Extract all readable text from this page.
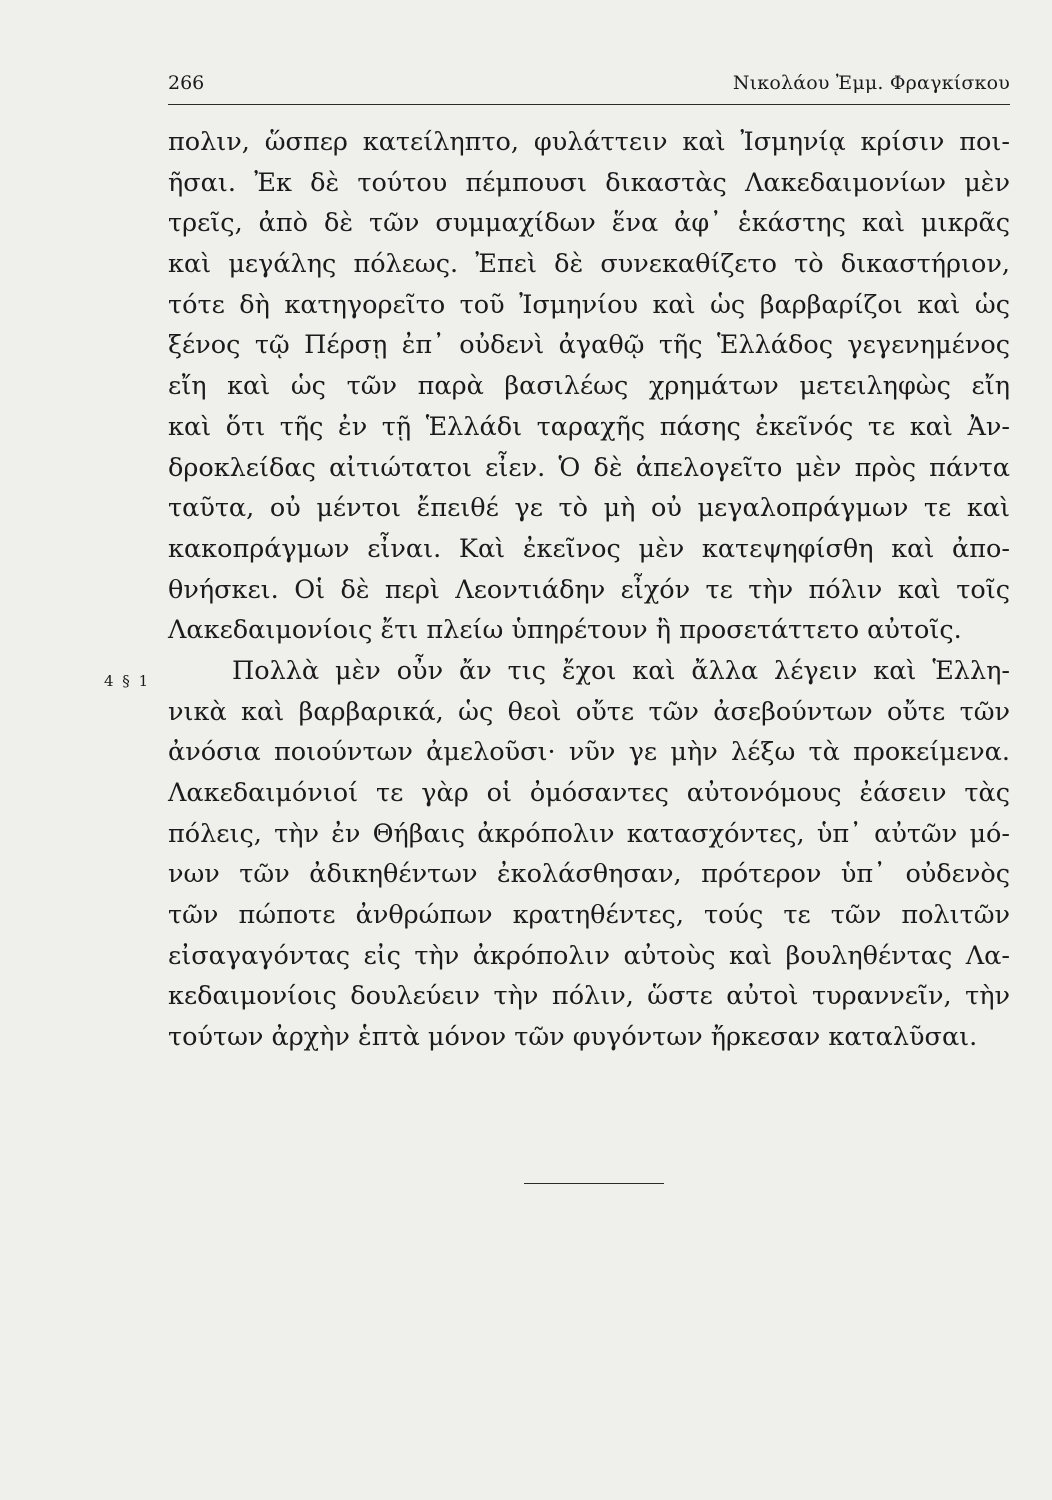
266	Νικολάου Ἐμμ. Φραγκίσκου
4 § 1
πολιν, ὥσπερ κατείληπτο, φυλάττειν καὶ Ἰσμηνίᾳ κρίσιν ποι-
ῆσαι. Ἐκ δὲ τούτου πέμπουσι δικαστὰς Λακεδαιμονίων μὲν
τρεῖς, ἀπὸ δὲ τῶν συμμαχίδων ἕνα ἀφ᾽ ἑκάστης καὶ μικρᾶς
καὶ μεγάλης πόλεως. Ἐπεὶ δὲ συνεκαθίζετο τὸ δικαστήριον,
τότε δὴ κατηγορεῖτο τοῦ Ἰσμηνίου καὶ ὡς βαρβαρίζοι καὶ ὡς
ξένος τῷ Πέρσῃ ἐπ᾽ οὐδενὶ ἀγαθῷ τῆς Ἑλλάδος γεγενημένος
εἴη καὶ ὡς τῶν παρὰ βασιλέως χρημάτων μετειληφὼς εἴη
καὶ ὅτι τῆς ἐν τῇ Ἑλλάδι ταραχῆς πάσης ἐκεῖνός τε καὶ Ἀν-
δροκλείδας αἰτιώτατοι εἶεν. Ὁ δὲ ἀπελογεῖτο μὲν πρὸς πάντα
ταῦτα, οὐ μέντοι ἔπειθέ γε τὸ μὴ οὐ μεγαλοπράγμων τε καὶ
κακοπράγμων εἶναι. Καὶ ἐκεῖνος μὲν κατεψηφίσθη καὶ ἀπο-
θνήσκει. Οἱ δὲ περὶ Λεοντιάδην εἶχόν τε τὴν πόλιν καὶ τοῖς
Λακεδαιμονίοις ἔτι πλείω ὑπηρέτουν ἢ προσετάττετο αὐτοῖς.
Πολλὰ μὲν οὖν ἄν τις ἔχοι καὶ ἄλλα λέγειν καὶ Ἑλλη-
νικὰ καὶ βαρβαρικά, ὡς θεοὶ οὔτε τῶν ἀσεβούντων οὔτε τῶν
ἀνόσια ποιούντων ἀμελοῦσι· νῦν γε μὴν λέξω τὰ προκείμενα.
Λακεδαιμόνιοί τε γὰρ οἱ ὀμόσαντες αὐτονόμους ἐάσειν τὰς
πόλεις, τὴν ἐν Θήβαις ἀκρόπολιν κατασχόντες, ὑπ᾽ αὐτῶν μό-
νων τῶν ἀδικηθέντων ἐκολάσθησαν, πρότερον ὑπ᾽ οὐδενὸς
τῶν πώποτε ἀνθρώπων κρατηθέντες, τούς τε τῶν πολιτῶν
εἰσαγαγόντας εἰς τὴν ἀκρόπολιν αὐτοὺς καὶ βουληθέντας Λα-
κεδαιμονίοις δουλεύειν τὴν πόλιν, ὥστε αὐτοὶ τυραννεῖν, τὴν
τούτων ἀρχὴν ἑπτὰ μόνον τῶν φυγόντων ἤρκεσαν καταλῦσαι.
